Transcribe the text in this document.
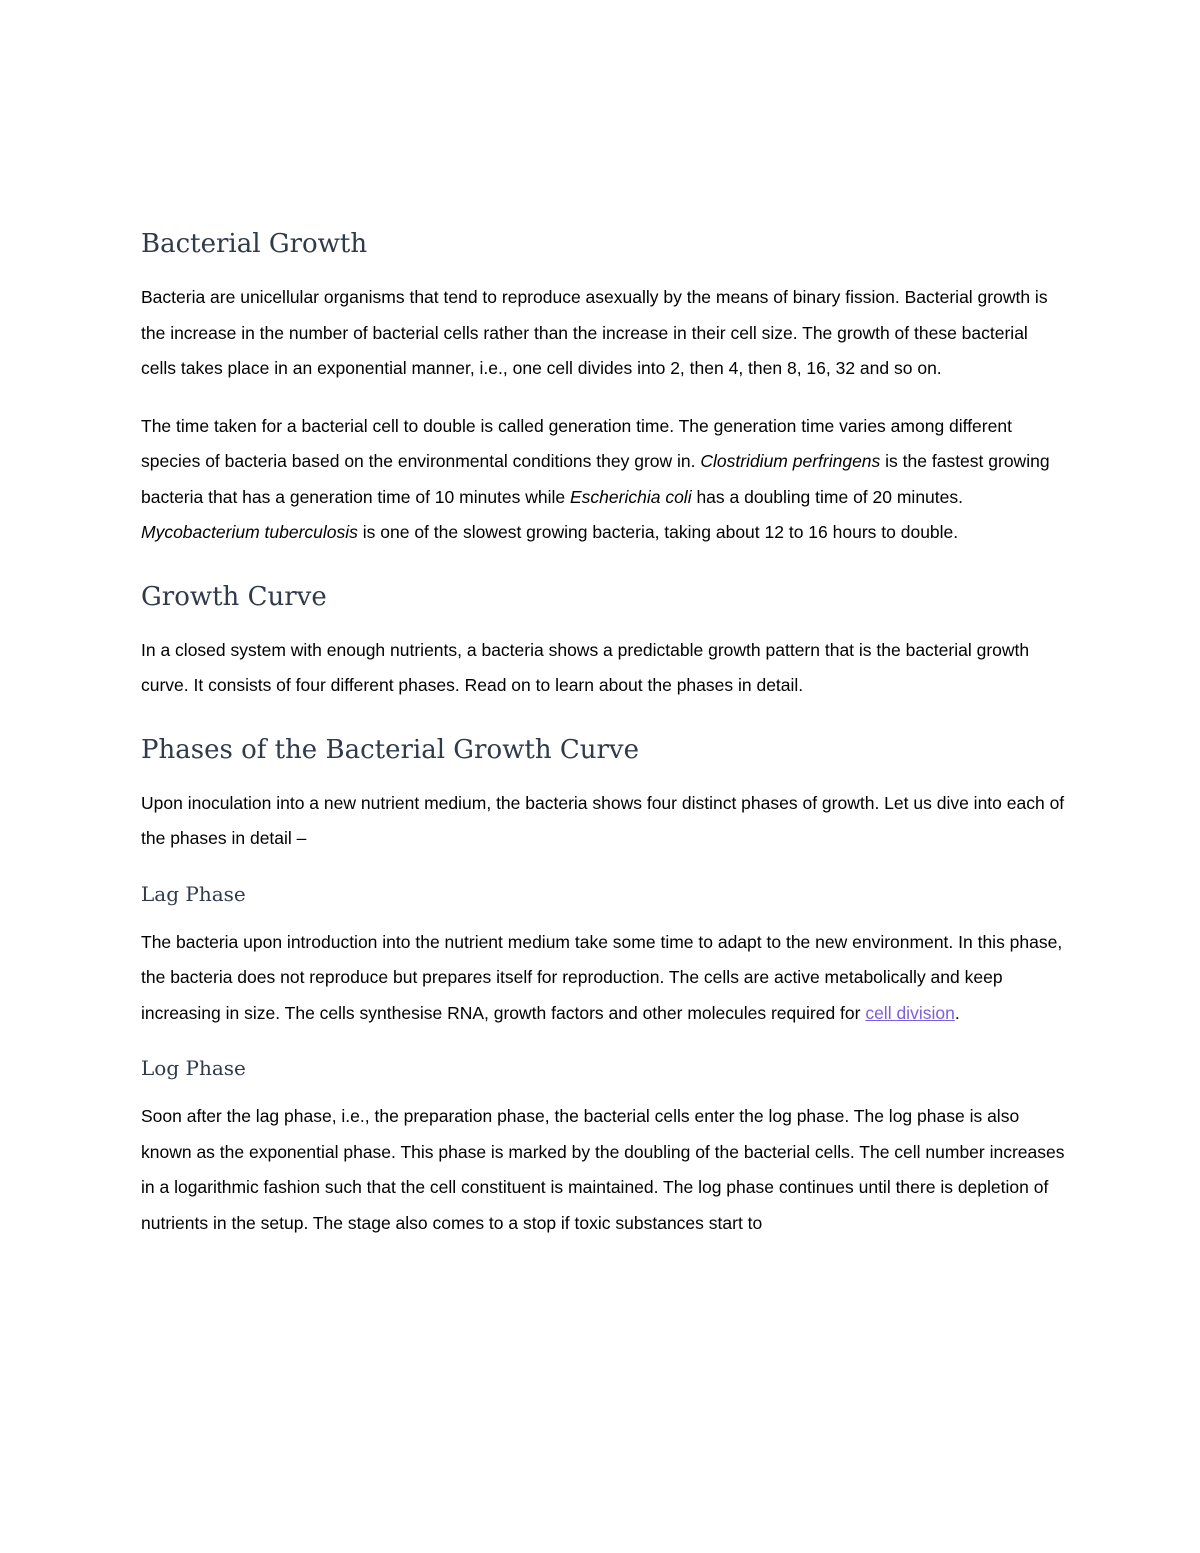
Bacterial Growth

Bacteria are unicellular organisms that tend to reproduce asexually by the means of binary fission. Bacterial growth is the increase in the number of bacterial cells rather than the increase in their cell size. The growth of these bacterial cells takes place in an exponential manner, i.e., one cell divides into 2, then 4, then 8, 16, 32 and so on.

The time taken for a bacterial cell to double is called generation time. The generation time varies among different species of bacteria based on the environmental conditions they grow in. Clostridium perfringens is the fastest growing bacteria that has a generation time of 10 minutes while Escherichia coli has a doubling time of 20 minutes. Mycobacterium tuberculosis is one of the slowest growing bacteria, taking about 12 to 16 hours to double.

Growth Curve

In a closed system with enough nutrients, a bacteria shows a predictable growth pattern that is the bacterial growth curve. It consists of four different phases. Read on to learn about the phases in detail.

Phases of the Bacterial Growth Curve

Upon inoculation into a new nutrient medium, the bacteria shows four distinct phases of growth. Let us dive into each of the phases in detail –

Lag Phase

The bacteria upon introduction into the nutrient medium take some time to adapt to the new environment. In this phase, the bacteria does not reproduce but prepares itself for reproduction. The cells are active metabolically and keep increasing in size. The cells synthesise RNA, growth factors and other molecules required for cell division.

Log Phase

Soon after the lag phase, i.e., the preparation phase, the bacterial cells enter the log phase. The log phase is also known as the exponential phase. This phase is marked by the doubling of the bacterial cells. The cell number increases in a logarithmic fashion such that the cell constituent is maintained. The log phase continues until there is depletion of nutrients in the setup. The stage also comes to a stop if toxic substances start to
